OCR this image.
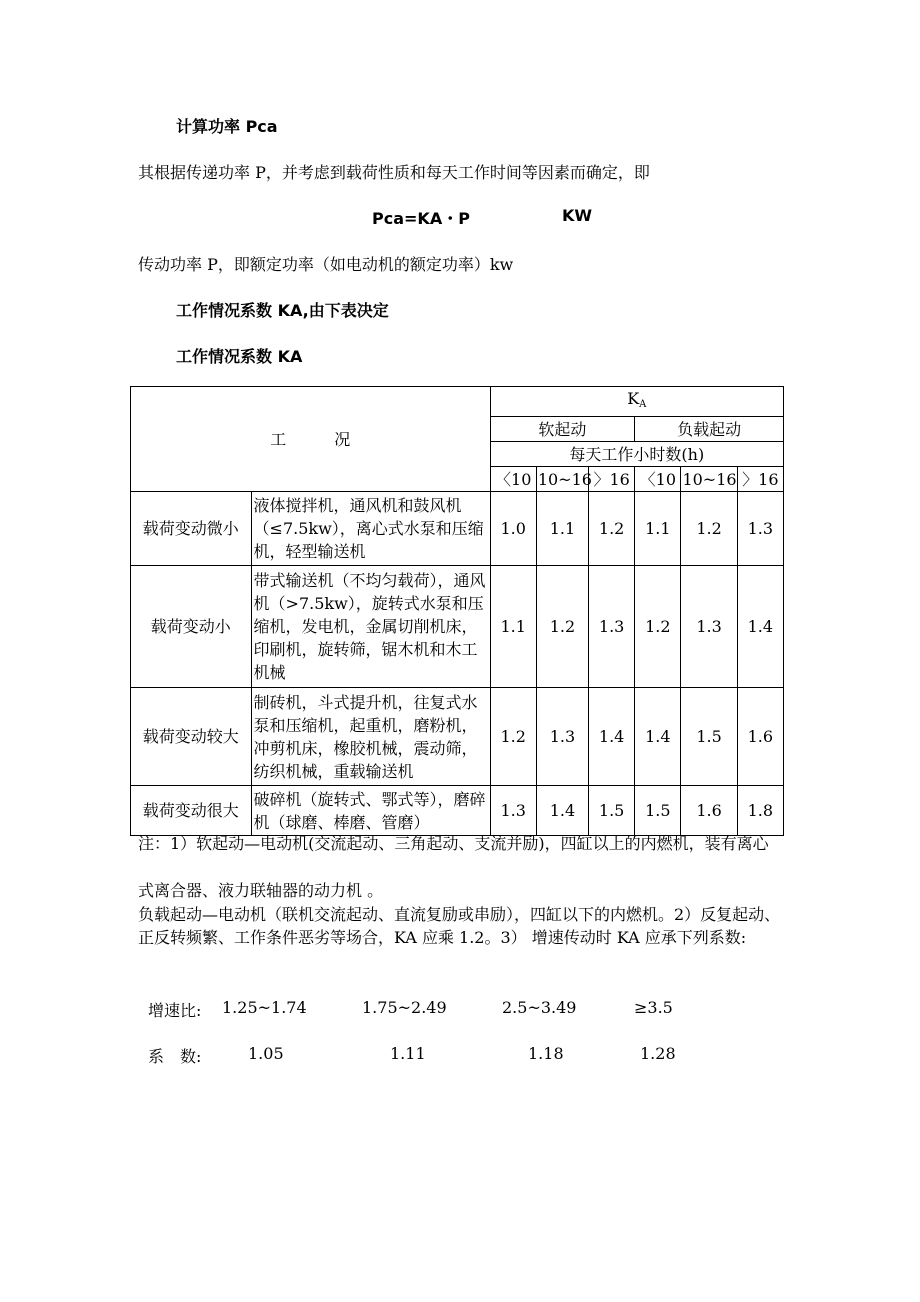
计算功率 Pca
其根据传递功率 P，并考虑到载荷性质和每天工作时间等因素而确定，即
Pca=KA・P	KW
传动功率 P，即额定功率（如电动机的额定功率）kw
工作情况系数 KA,由下表决定
工作情况系数 KA
工　　　况		$K_A$
		软起动			负载起动		
		每天工作小时数(h)					
		〈10	10~16	〉16	〈10	10~16	〉16
载荷变动微小	液体搅拌机，通风机和鼓风机（≤7.5kw），离心式水泵和压缩机，轻型输送机	1.0	1.1	1.2	1.1	1.2	1.3
载荷变动小	带式输送机（不均匀载荷），通风机（>7.5kw），旋转式水泵和压缩机，发电机，金属切削机床，印刷机，旋转筛，锯木机和木工机械	1.1	1.2	1.3	1.2	1.3	1.4
载荷变动较大	制砖机，斗式提升机，往复式水泵和压缩机，起重机，磨粉机，冲剪机床，橡胶机械，震动筛，纺织机械，重载输送机	1.2	1.3	1.4	1.4	1.5	1.6
载荷变动很大	破碎机（旋转式、鄂式等），磨碎机（球磨、棒磨、管磨）	1.3	1.4	1.5	1.5	1.6	1.8
注：1）软起动—电动机(交流起动、三角起动、支流并励)，四缸以上的内燃机，装有离心
式离合器、液力联轴器的动力机 。
负载起动—电动机（联机交流起动、直流复励或串励），四缸以下的内燃机。2）反复起动、正反转频繁、工作条件恶劣等场合，KA 应乘 1.2。3） 增速传动时 KA 应承下列系数:
增速比: 1.25~1.74	1.75~2.49	2.5~3.49	≥3.5
系　数:	1.05	1.11	1.18	1.28
